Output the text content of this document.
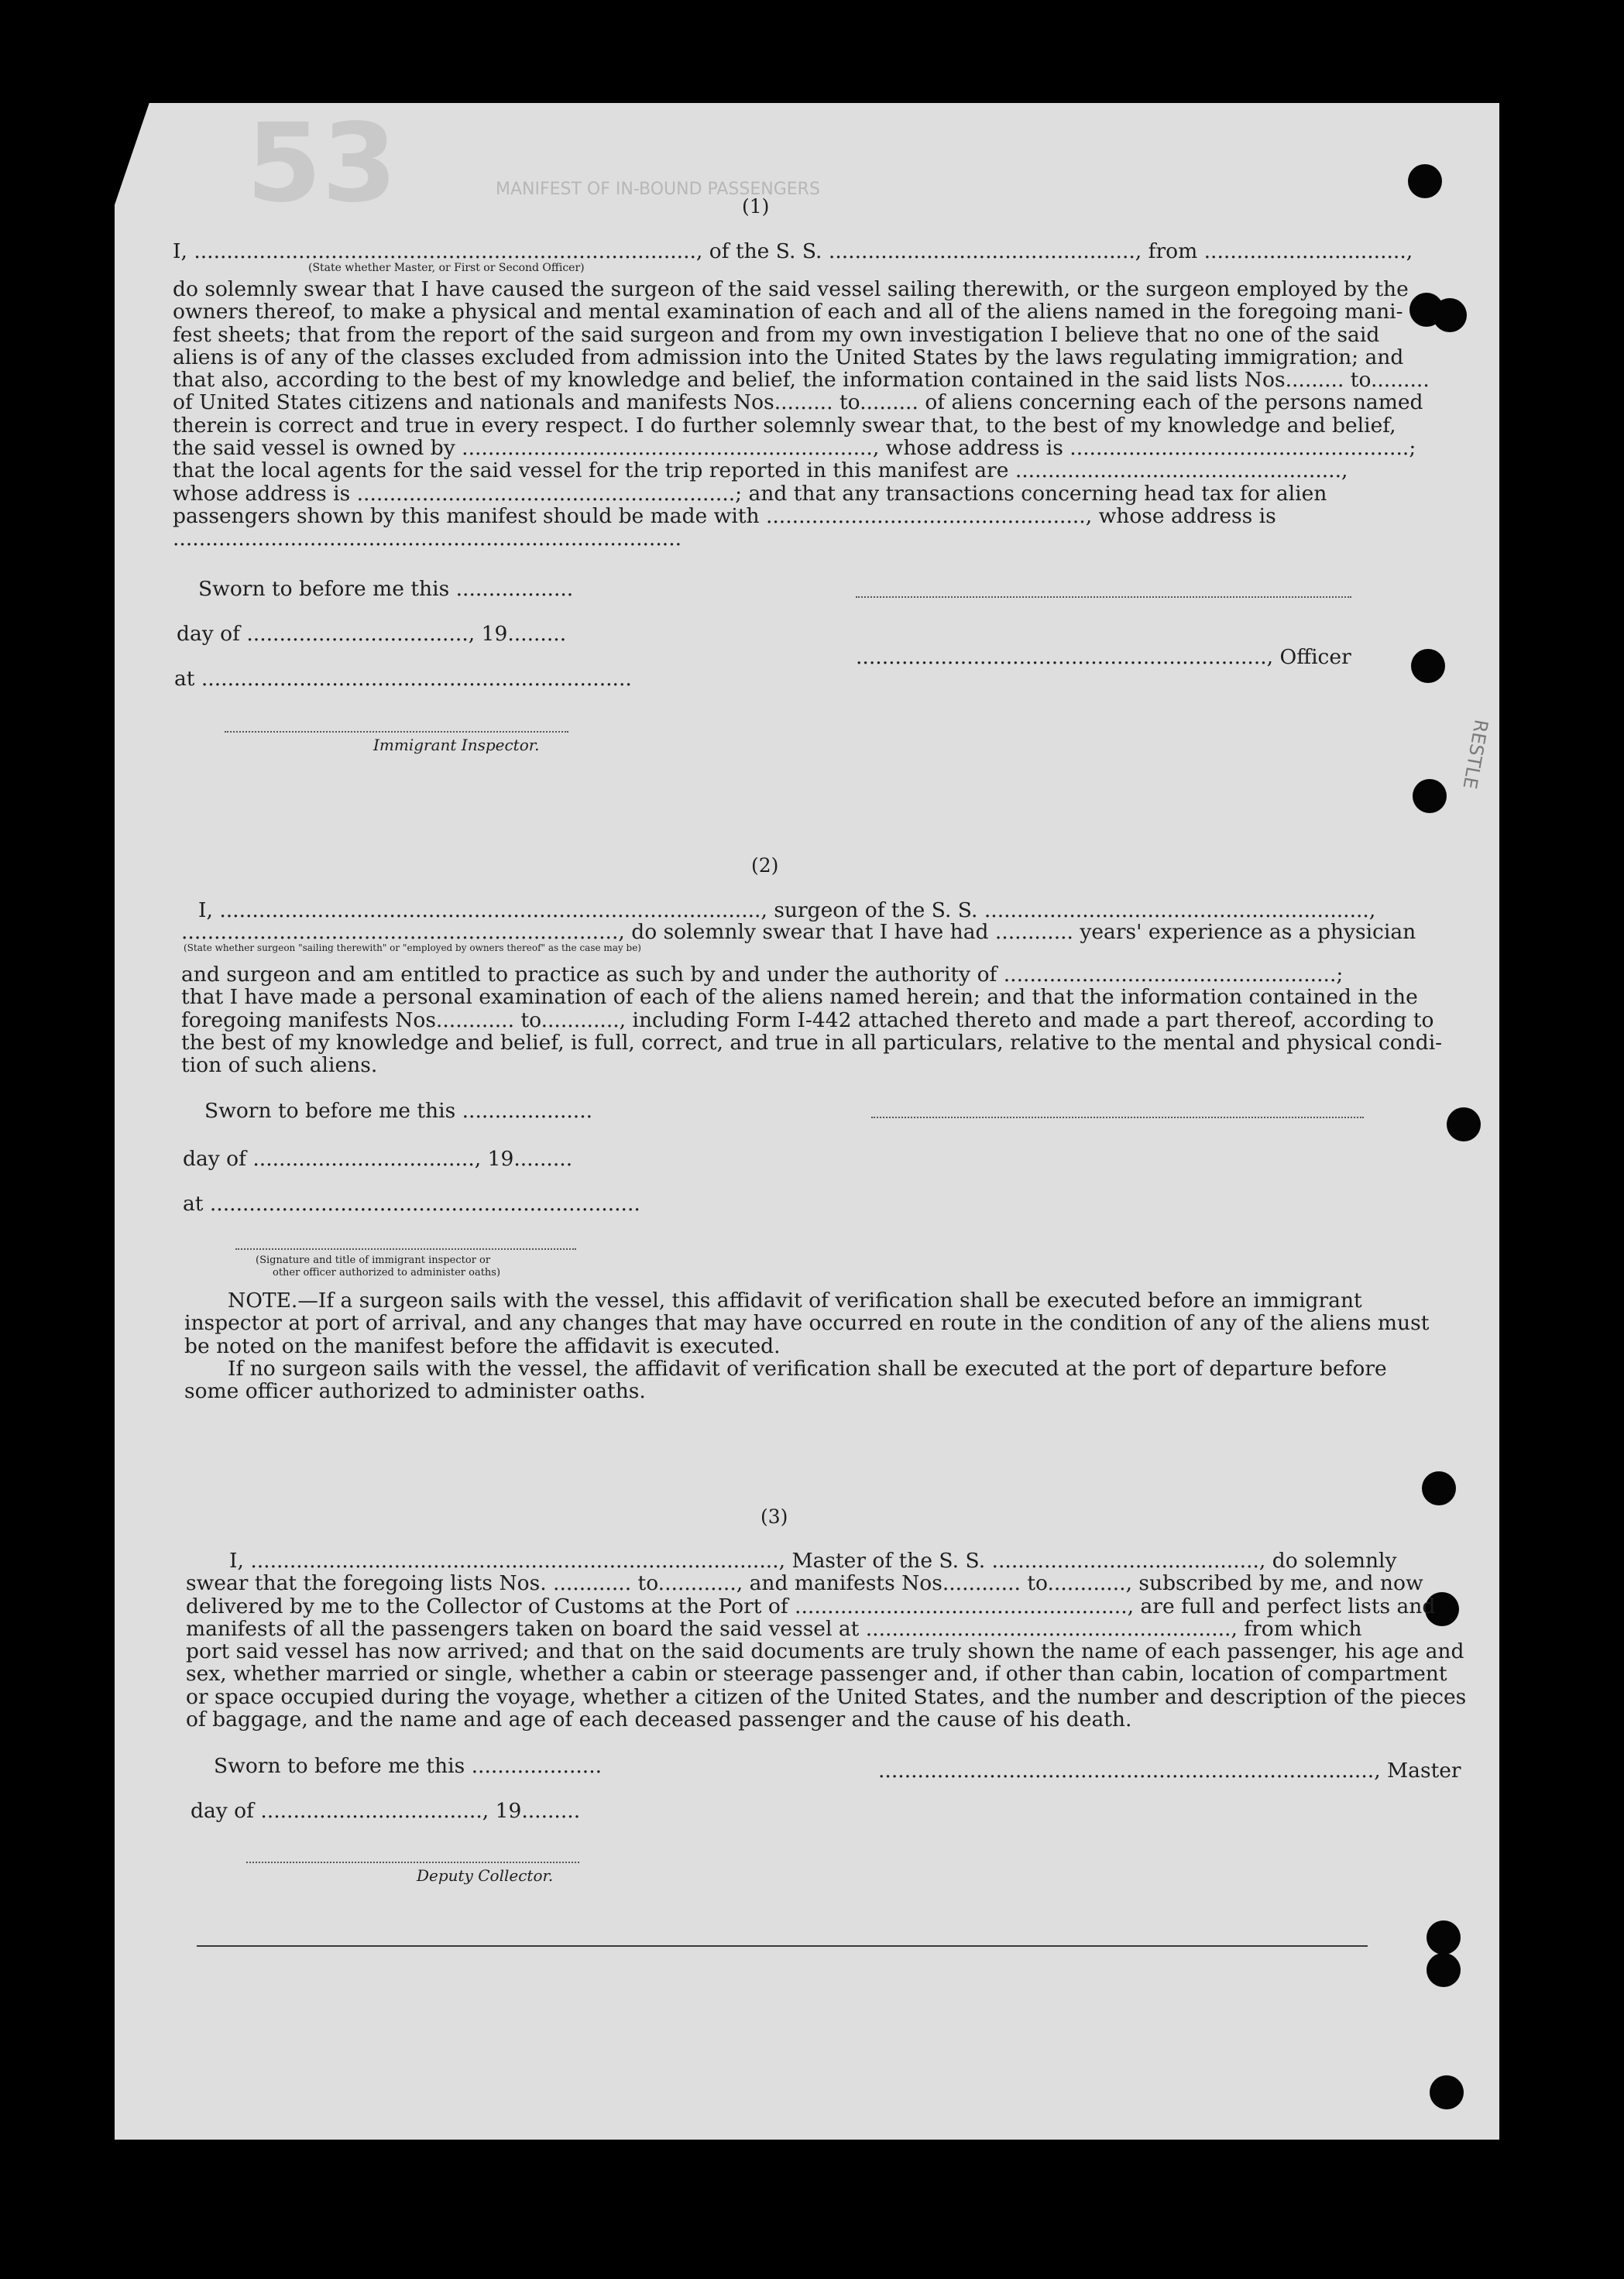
53	MANIFEST OF IN-BOUND PASSENGERS
RESTLE
(1)
I, ............................................................................., of the S. S. ..............................................., from ...............................,
(State whether Master, or First or Second Officer)
do solemnly swear that I have caused the surgeon of the said vessel sailing therewith, or the surgeon employed by the
owners thereof, to make a physical and mental examination of each and all of the aliens named in the foregoing mani-
fest sheets; that from the report of the said surgeon and from my own investigation I believe that no one of the said
aliens is of any of the classes excluded from admission into the United States by the laws regulating immigration; and
that also, according to the best of my knowledge and belief, the information contained in the said lists Nos......... to.........
of United States citizens and nationals and manifests Nos......... to......... of aliens concerning each of the persons named
therein is correct and true in every respect. I do further solemnly swear that, to the best of my knowledge and belief,
the said vessel is owned by ..............................................................., whose address is ....................................................;
that the local agents for the said vessel for the trip reported in this manifest are ..................................................,
whose address is ..........................................................; and that any transactions concerning head tax for alien
passengers shown by this manifest should be made with ................................................., whose address is
..............................................................................
Sworn to before me this ..................
day of .................................., 19.........
..............................................................., Officer
at ..................................................................
Immigrant Inspector.
(2)
I, ..................................................................................., surgeon of the S. S. ...........................................................,
..................................................................., do solemnly swear that I have had ............ years' experience as a physician
(State whether surgeon "sailing therewith" or "employed by owners thereof" as the case may be)
and surgeon and am entitled to practice as such by and under the authority of ...................................................;
that I have made a personal examination of each of the aliens named herein; and that the information contained in the
foregoing manifests Nos............ to............, including Form I-442 attached thereto and made a part thereof, according to
the best of my knowledge and belief, is full, correct, and true in all particulars, relative to the mental and physical condi-
tion of such aliens.
Sworn to before me this ....................
day of .................................., 19.........
at ..................................................................
(Signature and title of immigrant inspector or
other officer authorized to administer oaths)
NOTE.—If a surgeon sails with the vessel, this affidavit of verification shall be executed before an immigrant
inspector at port of arrival, and any changes that may have occurred en route in the condition of any of the aliens must
be noted on the manifest before the affidavit is executed.
If no surgeon sails with the vessel, the affidavit of verification shall be executed at the port of departure before
some officer authorized to administer oaths.
(3)
I, ................................................................................., Master of the S. S. ........................................., do solemnly
swear that the foregoing lists Nos. ............ to............, and manifests Nos............ to............, subscribed by me, and now
delivered by me to the Collector of Customs at the Port of ..................................................., are full and perfect lists and
manifests of all the passengers taken on board the said vessel at ........................................................, from which
port said vessel has now arrived; and that on the said documents are truly shown the name of each passenger, his age and
sex, whether married or single, whether a cabin or steerage passenger and, if other than cabin, location of compartment
or space occupied during the voyage, whether a citizen of the United States, and the number and description of the pieces
of baggage, and the name and age of each deceased passenger and the cause of his death.
Sworn to before me this ....................	............................................................................, Master
day of .................................., 19.........
Deputy Collector.
